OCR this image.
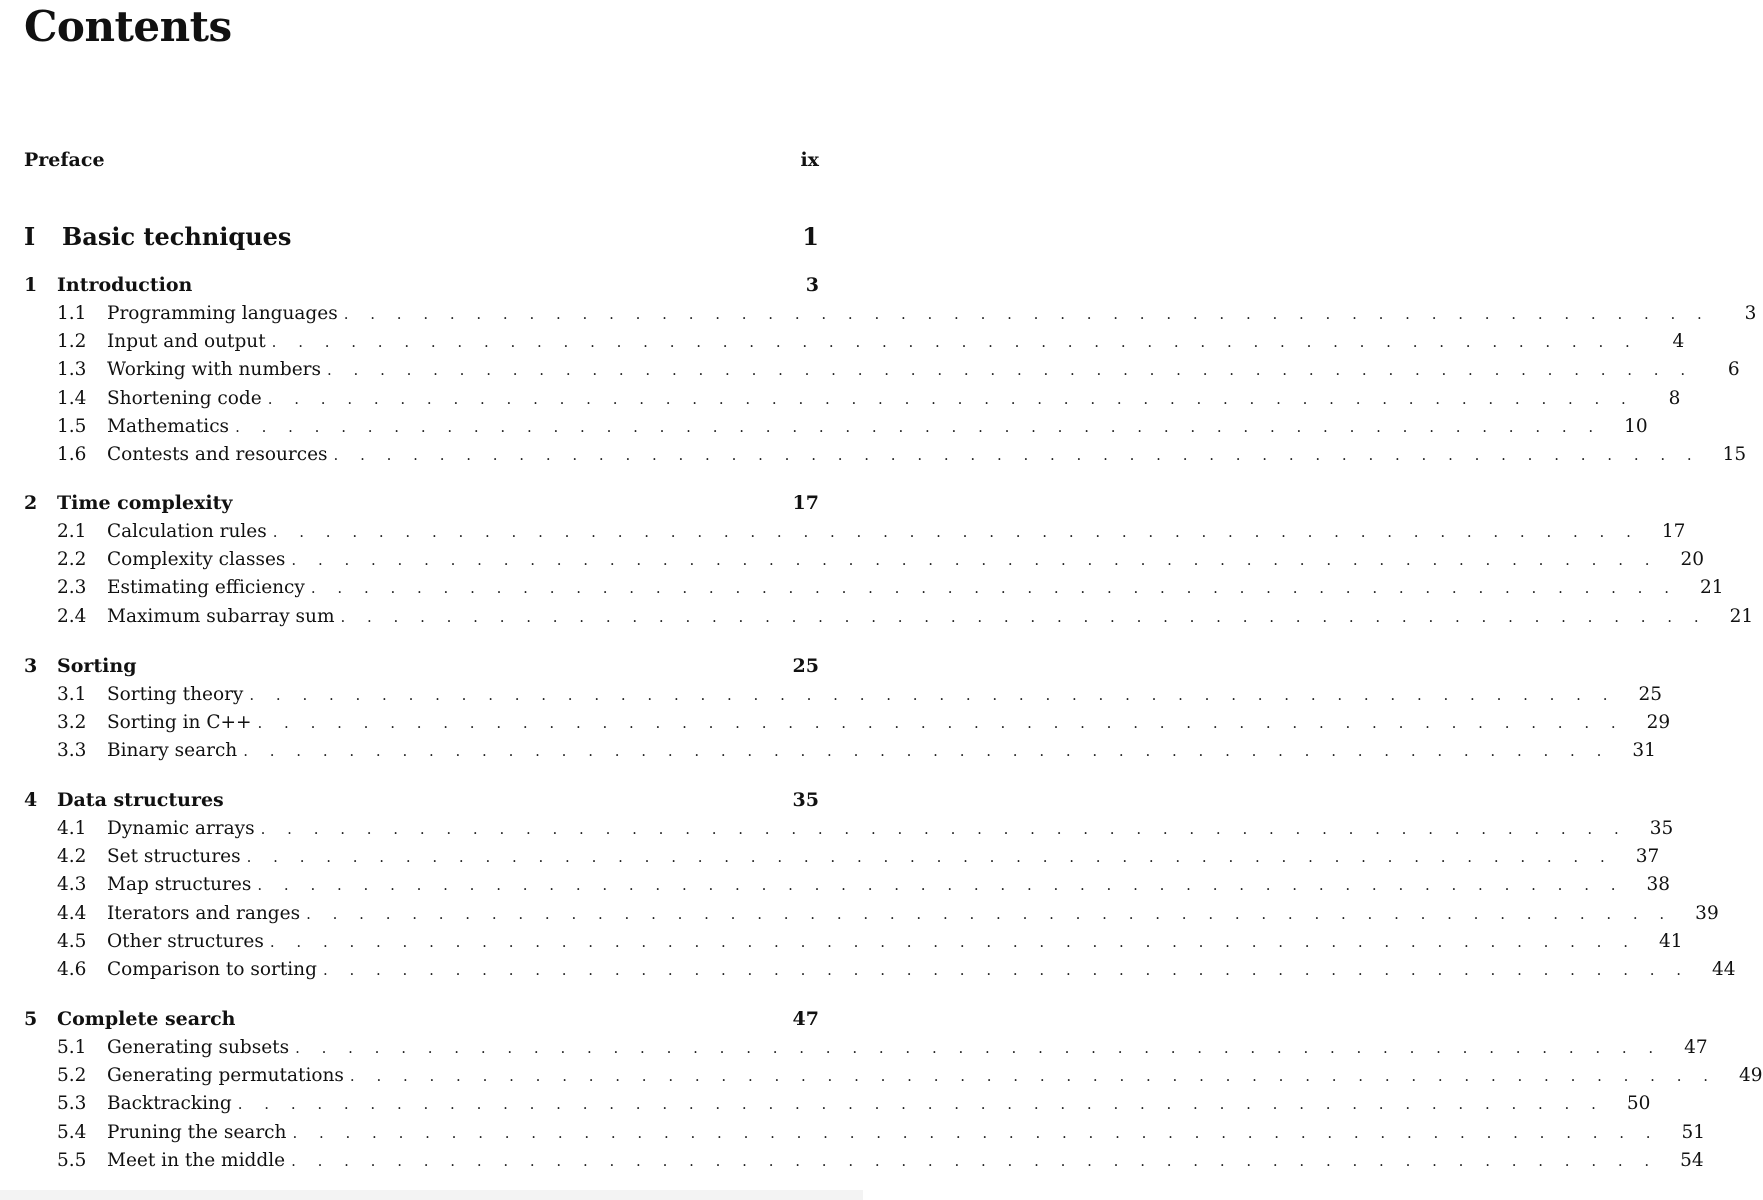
Contents
Preface	ix
I	Basic techniques	1
1	Introduction	3
1.1	Programming languages . . . . . . . . . . . . . . . . . . . . . . . . . . . . . . . . . . . . . . . . . . . . . . . . . . . .	3
1.2	Input and output . . . . . . . . . . . . . . . . . . . . . . . . . . . . . . . . . . . . . . . . . . . . . . . . . . . .	4
1.3	Working with numbers . . . . . . . . . . . . . . . . . . . . . . . . . . . . . . . . . . . . . . . . . . . . . . . . . . . .	6
1.4	Shortening code . . . . . . . . . . . . . . . . . . . . . . . . . . . . . . . . . . . . . . . . . . . . . . . . . . . .	8
1.5	Mathematics . . . . . . . . . . . . . . . . . . . . . . . . . . . . . . . . . . . . . . . . . . . . . . . . . . . . 10
1.6	Contests and resources . . . . . . . . . . . . . . . . . . . . . . . . . . . . . . . . . . . . . . . . . . . . . . . . . . . . 15
2	Time complexity	17
2.1	Calculation rules . . . . . . . . . . . . . . . . . . . . . . . . . . . . . . . . . . . . . . . . . . . . . . . . . . . . 17
2.2	Complexity classes . . . . . . . . . . . . . . . . . . . . . . . . . . . . . . . . . . . . . . . . . . . . . . . . . . . . 20
2.3	Estimating efficiency . . . . . . . . . . . . . . . . . . . . . . . . . . . . . . . . . . . . . . . . . . . . . . . . . . . . 21
2.4	Maximum subarray sum . . . . . . . . . . . . . . . . . . . . . . . . . . . . . . . . . . . . . . . . . . . . . . . . . . . . 21
3	Sorting	25
3.1	Sorting theory . . . . . . . . . . . . . . . . . . . . . . . . . . . . . . . . . . . . . . . . . . . . . . . . . . . . 25
3.2	Sorting in C++ . . . . . . . . . . . . . . . . . . . . . . . . . . . . . . . . . . . . . . . . . . . . . . . . . . . . 29
3.3	Binary search . . . . . . . . . . . . . . . . . . . . . . . . . . . . . . . . . . . . . . . . . . . . . . . . . . . . 31
4	Data structures	35
4.1	Dynamic arrays . . . . . . . . . . . . . . . . . . . . . . . . . . . . . . . . . . . . . . . . . . . . . . . . . . . . 35
4.2	Set structures . . . . . . . . . . . . . . . . . . . . . . . . . . . . . . . . . . . . . . . . . . . . . . . . . . . . 37
4.3	Map structures . . . . . . . . . . . . . . . . . . . . . . . . . . . . . . . . . . . . . . . . . . . . . . . . . . . . 38
4.4	Iterators and ranges . . . . . . . . . . . . . . . . . . . . . . . . . . . . . . . . . . . . . . . . . . . . . . . . . . . . 39
4.5	Other structures . . . . . . . . . . . . . . . . . . . . . . . . . . . . . . . . . . . . . . . . . . . . . . . . . . . . 41
4.6	Comparison to sorting . . . . . . . . . . . . . . . . . . . . . . . . . . . . . . . . . . . . . . . . . . . . . . . . . . . . 44
5	Complete search	47
5.1	Generating subsets . . . . . . . . . . . . . . . . . . . . . . . . . . . . . . . . . . . . . . . . . . . . . . . . . . . . 47
5.2	Generating permutations . . . . . . . . . . . . . . . . . . . . . . . . . . . . . . . . . . . . . . . . . . . . . . . . . . . . 49
5.3	Backtracking . . . . . . . . . . . . . . . . . . . . . . . . . . . . . . . . . . . . . . . . . . . . . . . . . . . . 50
5.4	Pruning the search . . . . . . . . . . . . . . . . . . . . . . . . . . . . . . . . . . . . . . . . . . . . . . . . . . . . 51
5.5	Meet in the middle . . . . . . . . . . . . . . . . . . . . . . . . . . . . . . . . . . . . . . . . . . . . . . . . . . . . 54
